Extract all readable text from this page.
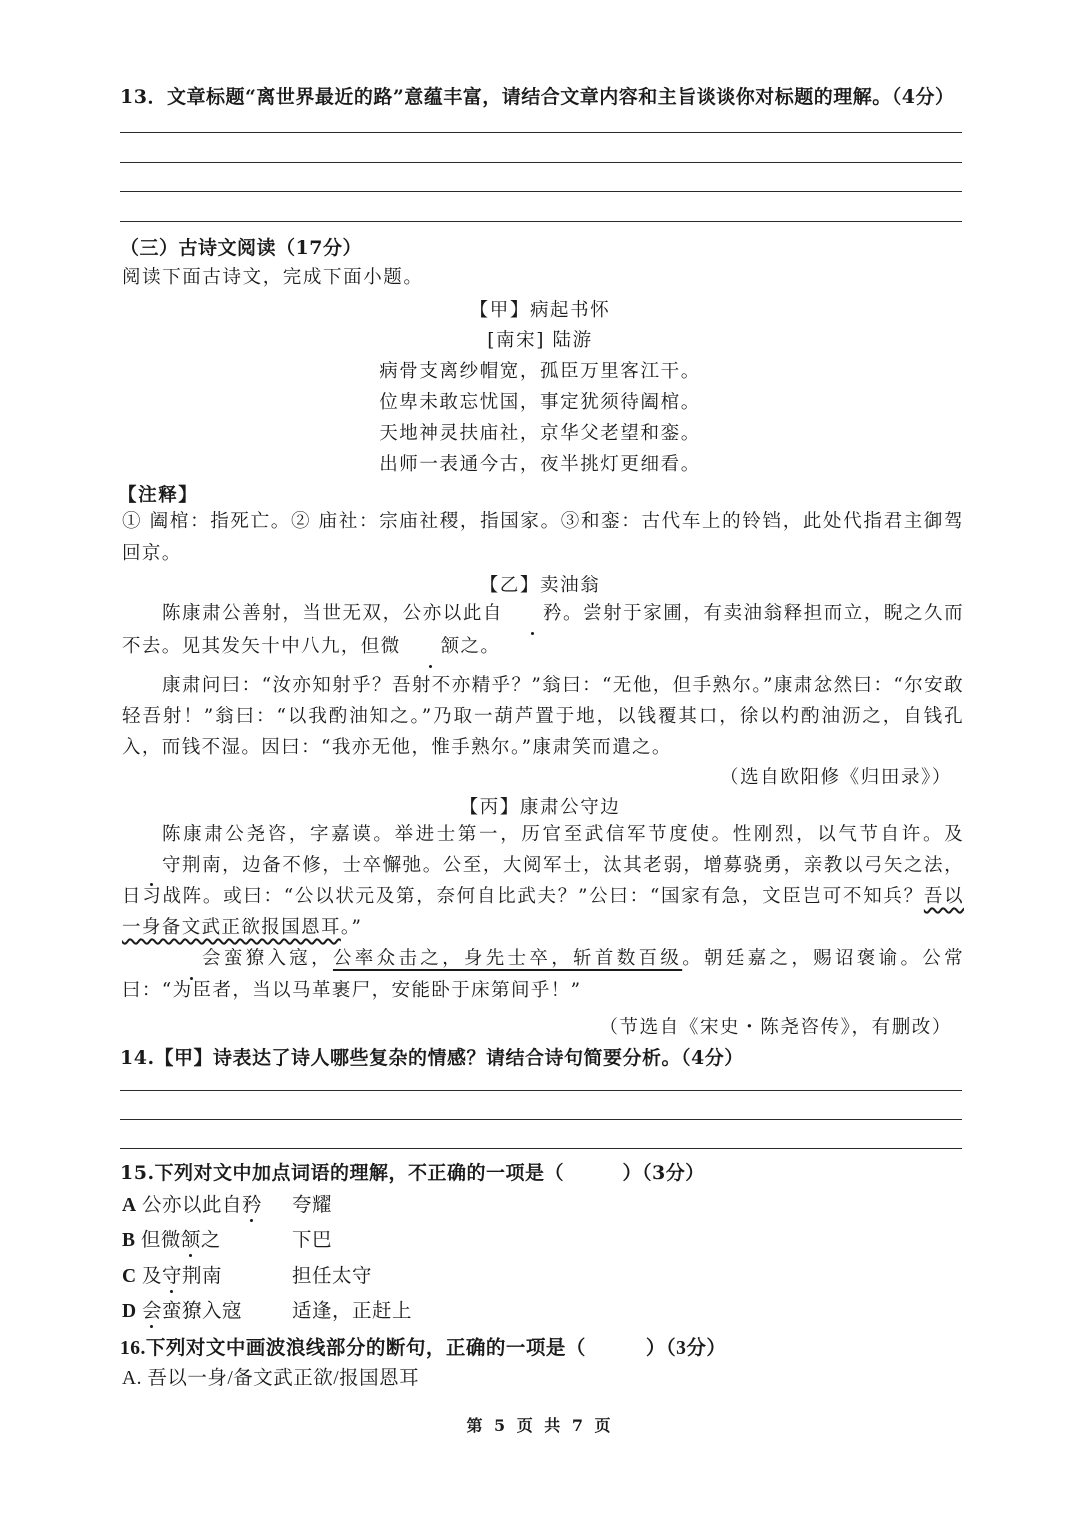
13．文章标题“离世界最近的路”意蕴丰富，请结合文章内容和主旨谈谈你对标题的理解。（4分）
（三）古诗文阅读（17分）
阅读下面古诗文，完成下面小题。
【甲】病起书怀
[南宋] 陆游
病骨支离纱帽宽，孤臣万里客江干。
位卑未敢忘忧国，事定犹须待阖棺。
天地神灵扶庙社，京华父老望和銮。
出师一表通今古，夜半挑灯更细看。
【注释】
① 阖棺：指死亡。② 庙社：宗庙社稷，指国家。③和銮：古代车上的铃铛，此处代指君主御驾回京。
【乙】卖油翁
陈康肃公善射，当世无双，公亦以此自 矜。尝射于家圃，有卖油翁释担而立，睨之久而不去。见其发矢十中八九，但微 颔之。
康肃问曰：“汝亦知射乎？吾射不亦精乎？”翁曰：“无他，但手熟尔。”康肃忿然曰：“尔安敢轻吾射！”翁曰：“以我酌油知之。”乃取一葫芦置于地，以钱覆其口，徐以杓酌油沥之，自钱孔入，而钱不湿。因曰：“我亦无他，惟手熟尔。”康肃笑而遣之。
（选自欧阳修《归田录》）
【丙】康肃公守边
陈康肃公尧咨，字嘉谟。举进士第一，历官至武信军节度使。性刚烈，以气节自许。及守荆南，边备不修，士卒懈弛。公至，大阅军士，汰其老弱，增募骁勇，亲教以弓矢之法，日习战阵。或曰：“公以状元及第，奈何自比武夫？”公曰：“国家有急，文臣岂可不知兵？吾以一身备文武正欲报国恩耳。”
会蛮獠入寇，公率众击之，身先士卒，斩首数百级。朝廷嘉之，赐诏褒谕。公常曰：“为臣者，当以马革裹尸，安能卧于床第间乎！”
（节选自《宋史・陈尧咨传》，有删改）
14.【甲】诗表达了诗人哪些复杂的情感？请结合诗句简要分析。（4分）
15.下列对文中加点词语的理解，不正确的一项是（　　　）（3分）
A 公亦以此自矜 夸耀
B 但微颔之	下巴
C 及守荆南	担任太守
D 会蛮獠入寇	适逢，正赶上
16.下列对文中画波浪线部分的断句，正确的一项是（　　　）（3分）
A. 吾以一身/备文武正欲/报国恩耳
第 5 页 共 7 页
